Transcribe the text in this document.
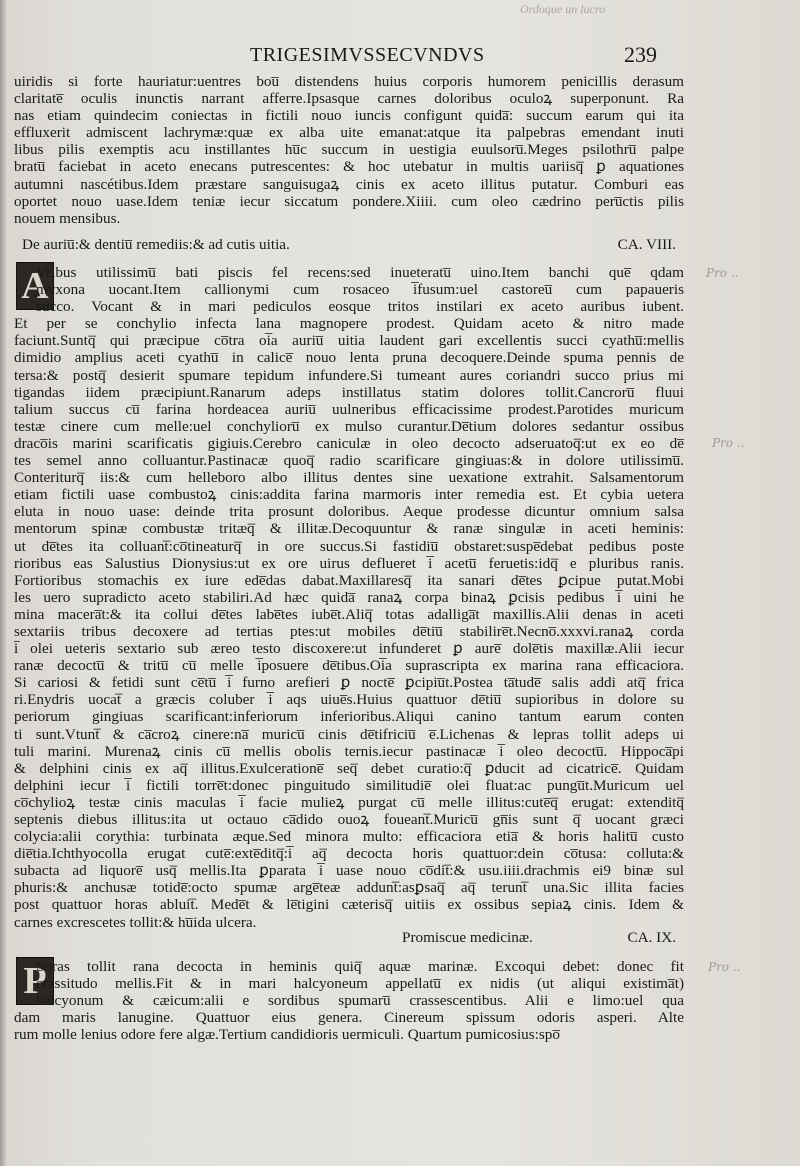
Ordoque un lucro
TRIGESIMVSSECVNDVS	239
uiridis si forte hauriatur:uentres bou̅ distendens huius corporis humorem penicillis derasum
claritate̅ oculis inunctis narrant afferre.Ipsasque carnes doloribus oculoꝝ superponunt. Ra
nas etiam quindecim coniectas in fictili nouo iuncis configunt quida̅: succum earum qui ita
effluxerit admiscent lachrymæ:quæ ex alba uite emanat:atque ita palpebras emendant inuti
libus pilis exemptis acu instillantes hu̅c succum in uestigia euulsoru̅.Meges psilothru̅ palpe
bratu̅ faciebat in aceto enecans putrescentes: & hoc utebatur in multis uariisq̅ ꝑ aquationes
autumni nascétibus.Idem præstare sanguisugaꝝ cinis ex aceto illitus putatur. Comburi eas
oportet nouo uase.Idem teniæ iecur siccatum pondere.Xiiii. cum oleo cædrino peru̅ctis pilis
nouem mensibus.
De auriu̅:& dentiu̅ remediis:& ad cutis uitia.	CA. VIII.
A
Vribus utilissimu̅ bati piscis fel recens:sed inueteratu̅ uino.Item banchi que̅ qdam
myxona uocant.Item callionymi cum rosaceo i̅fusum:uel castoreu̅ cum papaueris
succo. Vocant & in mari pediculos eosque tritos instilari ex aceto auribus iubent.
Et per se conchylio infecta lana magnopere prodest. Quidam aceto & nitro made
faciunt.Suntq̅ qui præcipue co̅tra oi̅a auriu̅ uitia laudent gari excellentis succi cyathu̅:mellis
dimidio amplius aceti cyathu̅ in calice̅ nouo lenta pruna decoquere.Deinde spuma pennis de
tersa:& postq̅ desierit spumare tepidum infundere.Si tumeant aures coriandri succo prius mi
tigandas iidem præcipiunt.Ranarum adeps instillatus statim dolores tollit.Cancroru̅ fluui
talium succus cu̅ farina hordeacea auriu̅ uulneribus efficacissime prodest.Parotides muricum
testæ cinere cum melle:uel conchylioru̅ ex mulso curantur.De̅tium dolores sedantur ossibus
draco̅is marini scarificatis gigiuis.Cerebro caniculæ in oleo decocto adseruatoq̅:ut ex eo de̅
tes semel anno colluantur.Pastinacæ quoq̅ radio scarificare gingiuas:& in dolore utilissimu̅.
Conteriturq̅ iis:& cum helleboro albo illitus dentes sine uexatione extrahit. Salsamentorum
etiam fictili uase combustoꝝ cinis:addita farina marmoris inter remedia est. Et cybia uetera
eluta in nouo uase: deinde trita prosunt doloribus. Aeque prodesse dicuntur omnium salsa
mentorum spinæ combustæ tritæq̅ & illitæ.Decoquuntur & ranæ singulæ in aceti heminis:
ut de̅tes ita colluant̅:co̅tineaturq̅ in ore succus.Si fastidiu̅ obstaret:suspe̅debat pedibus poste
rioribus eas Salustius Dionysius:ut ex ore uirus deflueret i̅ acetu̅ feruetis:idq̅ e pluribus ranis.
Fortioribus stomachis ex iure ede̅das dabat.Maxillaresq̅ ita sanari de̅tes ꝑcipue putat.Mobi
les uero supradicto aceto stabiliri.Ad hæc quida̅ ranaꝝ corpa binaꝝ ꝑcisis pedibus i̅ uini he
mina macera̅t:& ita collui de̅tes labe̅tes iube̅t.Aliq̅ totas adalliga̅t maxillis.Alii denas in aceti
sextariis tribus decoxere ad tertias ptes:ut mobiles de̅tiu̅ stabilire̅t.Necno̅.xxxvi.ranaꝝ corda
i̅ olei ueteris sextario sub æreo testo discoxere:ut infunderet ꝑ aure̅ dole̅tis maxillæ.Alii iecur
ranæ decoctu̅ & tritu̅ cu̅ melle i̅posuere de̅tibus.Oi̅a suprascripta ex marina rana efficaciora.
Si cariosi & fetidi sunt ce̅tu̅ i̅ furno arefieri ꝑ nocte̅ ꝑcipiu̅t.Postea ta̅tude̅ salis addi atq̅ frica
ri.Enydris uocat̅ a græcis coluber i̅ aqs uiue̅s.Huius quattuor de̅tiu̅ supioribus in dolore su
periorum gingiuas scarificant:inferiorum inferioribus.Aliqui canino tantum earum conten
ti sunt.Vtunt̅ & ca̅croꝝ cinere:na̅ muricu̅ cinis de̅tifriciu̅ e̅.Lichenas & lepras tollit adeps ui
tuli marini. Murenaꝝ cinis cu̅ mellis obolis ternis.iecur pastinacæ i̅ oleo decoctu̅. Hippoca̅pi
& delphini cinis ex aq̅ illitus.Exulceratione̅ seq̅ debet curatio:q̅ ꝑducit ad cicatrice̅. Quidam
delphini iecur i̅ fictili torre̅t:donec pinguitudo similitudie̅ olei fluat:ac pungu̅t.Muricum uel
co̅chylioꝝ testæ cinis maculas i̅ facie mulieꝝ purgat cu̅ melle illitus:cute̅q̅ erugat: extenditq̅
septenis diebus illitus:ita ut octauo ca̅dido ouoꝝ foueant̅.Muricu̅ gn̅is sunt q̅ uocant græci
colycia:alii corythia: turbinata æque.Sed minora multo: efficaciora etia̅ & horis halitu̅ custo
die̅tia.Ichthyocolla erugat cute̅:exte̅ditq̅:i̅ aq̅ decocta horis quattuor:dein co̅tusa: colluta:&
subacta ad liquore̅ usq̅ mellis.Ita ꝑparata i̅ uase nouo co̅dit̅:& usu.iiii.drachmis ei9 binæ sul
phuris:& anchusæ totide̅:octo spumæ arge̅teæ addunt̅:asꝑsaq̅ aq̅ terunt̅ una.Sic illita facies
post quattuor horas abluit̅. Mede̅t & le̅tigini cæterisq̅ uitiis ex ossibus sepiaꝝ cinis. Idem &
carnes excrescetes tollit:& hu̅ida ulcera.
Promiscue medicinæ.	CA. IX.
P
Soras tollit rana decocta in heminis quiq̅ aquæ marinæ. Excoqui debet: donec fit
crassitudo mellis.Fit & in mari halcyoneum appellatu̅ ex nidis (ut aliqui existima̅t)
halcyonum & cæicum:alii e sordibus spumaru̅ crassescentibus. Alii e limo:uel qua
dam maris lanugine. Quattuor eius genera. Cinereum spissum odoris asperi. Alte
rum molle lenius odore fere algæ.Tertium candidioris uermiculi. Quartum pumicosius:spo̅
Pro ..
Pro ..
Pro ..
